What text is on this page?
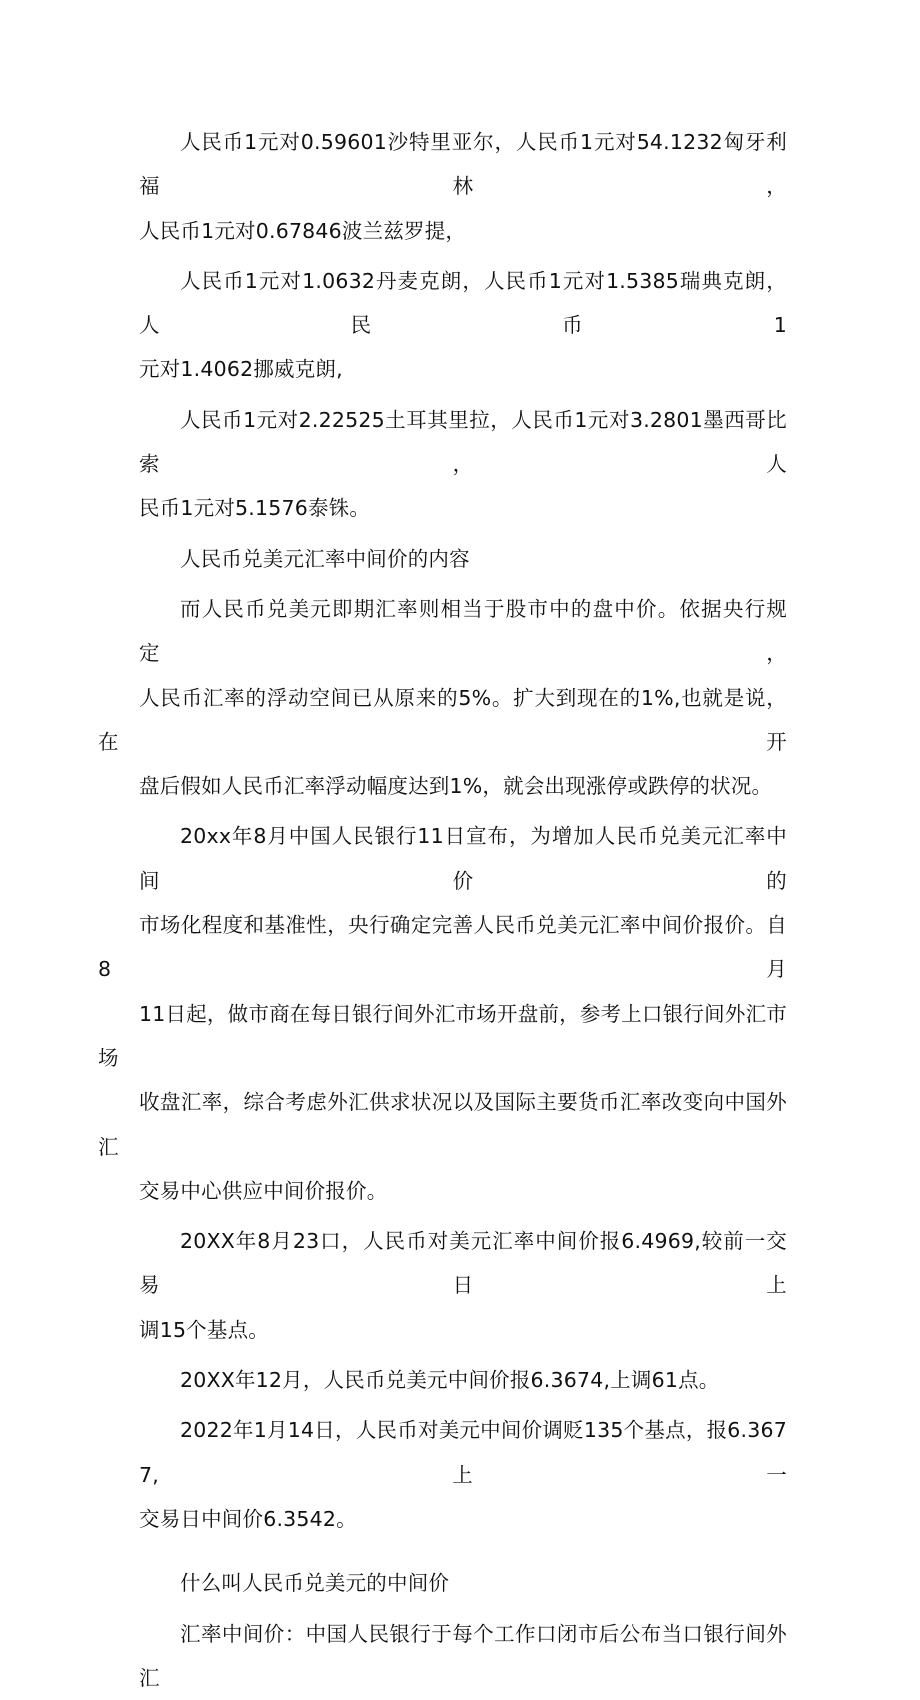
人民币1元对0.59601沙特里亚尔，人民币1元对54.1232匈牙利福林，
人民币1元对0.67846波兰兹罗提，

人民币1元对1.0632丹麦克朗，人民币1元对1.5385瑞典克朗，人民币1
元对1.4062挪威克朗,

人民币1元对2.22525土耳其里拉，人民币1元对3.2801墨西哥比索，人
民币1元对5.1576泰铢。

人民币兑美元汇率中间价的内容

而人民币兑美元即期汇率则相当于股市中的盘中价。依据央行规定，
人民币汇率的浮动空间已从原来的5%。扩大到现在的1%,也就是说，在开
盘后假如人民币汇率浮动幅度达到1%，就会出现涨停或跌停的状况。

20xx年8月中国人民银行11日宣布，为增加人民币兑美元汇率中间价的
市场化程度和基准性，央行确定完善人民币兑美元汇率中间价报价。自8月
11日起，做市商在每日银行间外汇市场开盘前，参考上口银行间外汇市场
收盘汇率，综合考虑外汇供求状况以及国际主要货币汇率改变向中国外汇
交易中心供应中间价报价。

20XX年8月23口，人民币对美元汇率中间价报6.4969,较前一交易日上
调15个基点。

20XX年12月，人民币兑美元中间价报6.3674,上调61点。

2022年1月14日，人民币对美元中间价调贬135个基点，报6.3677,上一
交易日中间价6.3542。

什么叫人民币兑美元的中间价

汇率中间价：中国人民银行于每个工作口闭市后公布当口银行间外汇
